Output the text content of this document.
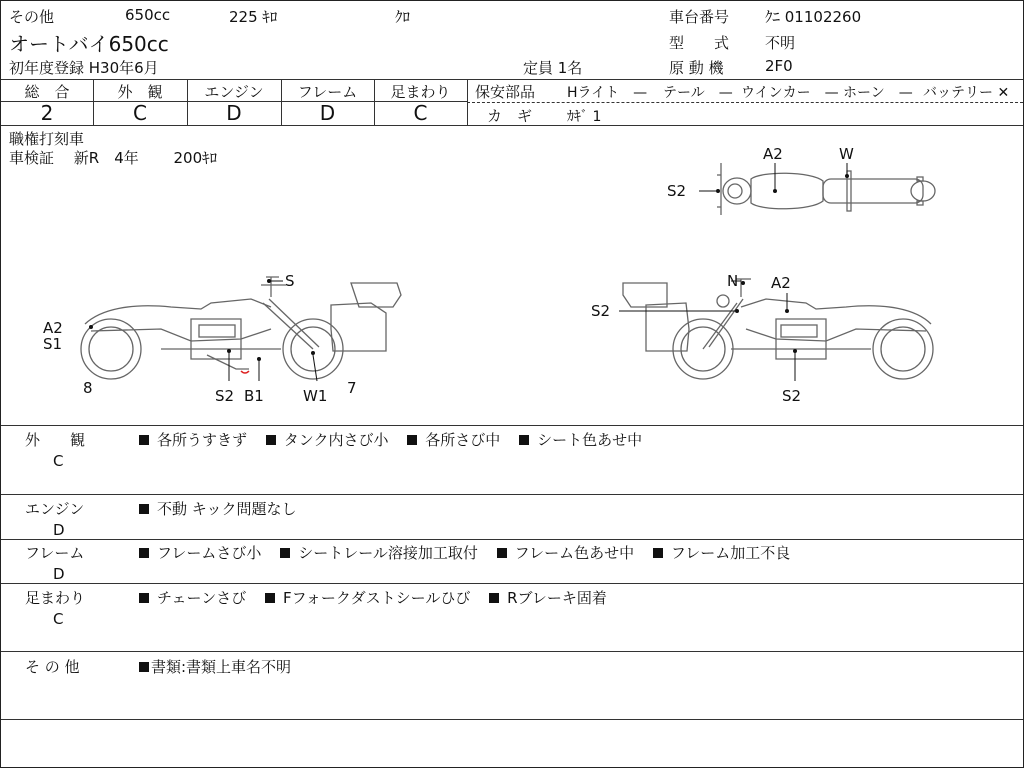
その他	650cc	225 ｷﾛ	ｸﾛ
オートバイ650cc
初年度登録 H30年6月	定員 1名
車台番号 ｸﾆ 01102260
型　　式 不明
原 動 機	2F0
総　合	外　観	エンジン	フレーム	足まわり
2	C	D	D	C
保安部品 Hライト　— テール　— ウインカー　— ホーン　— バッテリー ✕
カ　ギ ｶｷﾞ 1
職権打刻車
車検証　 新R　4年　　 200ｷﾛ
S2
A2	W
S
A2
S1
8	S2 B1	W1 7
N A2
S2
S2
外　　観
C
各所うすきず タンク内さび小 各所さび中 シート色あせ中
エンジン
D
不動 キック問題なし
フレーム
D
フレームさび小 シートレール溶接加工取付 フレーム色あせ中 フレーム加工不良
足まわり
C
チェーンさび Fフォークダストシールひび Rブレーキ固着
そ の 他	書類:書類上車名不明
